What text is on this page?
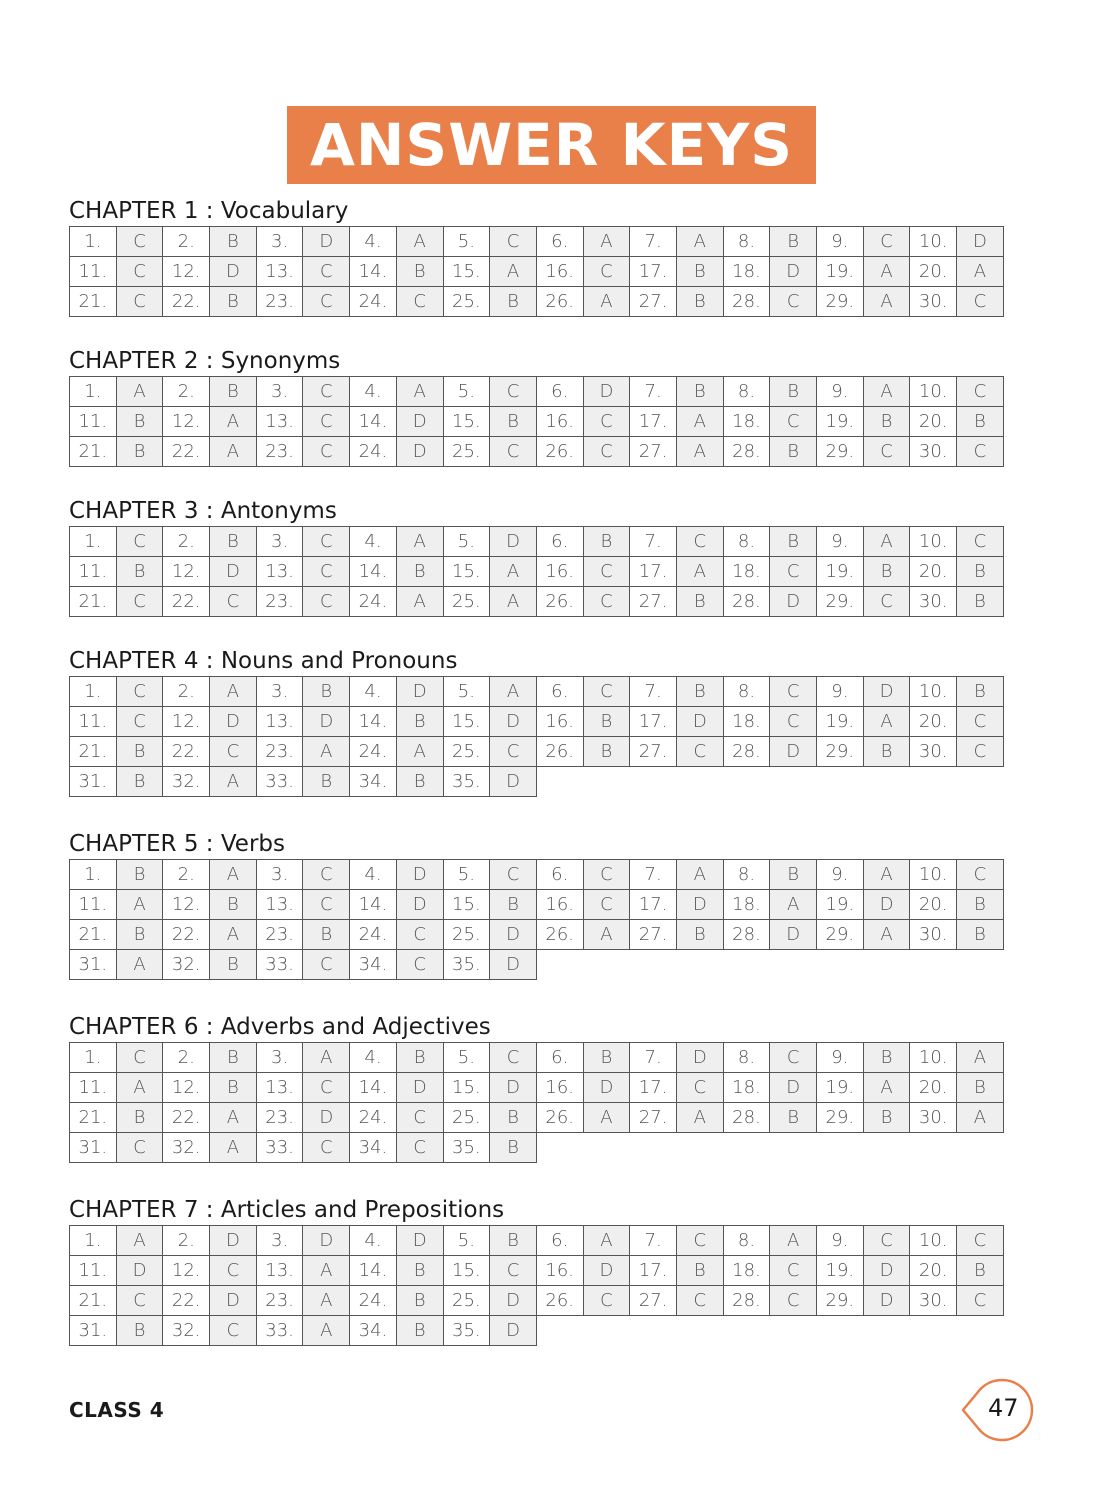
ANSWER KEYS
CHAPTER 1 :
Vocabulary
1.	C	2.	B	3.	D	4.	A	5.	C	6.	A	7.	A	8.	B	9.	C	10.	D
11.	C	12.	D	13.	C	14.	B	15.	A	16.	C	17.	B	18.	D	19.	A	20.	A
21.	C	22.	B	23.	C	24.	C	25.	B	26.	A	27.	B	28.	C	29.	A	30.	C
CHAPTER 2 :
Synonyms
1.	A	2.	B	3.	C	4.	A	5.	C	6.	D	7.	B	8.	B	9.	A	10.	C
11.	B	12.	A	13.	C	14.	D	15.	B	16.	C	17.	A	18.	C	19.	B	20.	B
21.	B	22.	A	23.	C	24.	D	25.	C	26.	C	27.	A	28.	B	29.	C	30.	C
CHAPTER 3 :
Antonyms
1.	C	2.	B	3.	C	4.	A	5.	D	6.	B	7.	C	8.	B	9.	A	10.	C
11.	B	12.	D	13.	C	14.	B	15.	A	16.	C	17.	A	18.	C	19.	B	20.	B
21.	C	22.	C	23.	C	24.	A	25.	A	26.	C	27.	B	28.	D	29.	C	30.	B
CHAPTER 4 :
Nouns and Pronouns
1.	C	2.	A	3.	B	4.	D	5.	A	6.	C	7.	B	8.	C	9.	D	10.	B
11.	C	12.	D	13.	D	14.	B	15.	D	16.	B	17.	D	18.	C	19.	A	20.	C
21.	B	22.	C	23.	A	24.	A	25.	C	26.	B	27.	C	28.	D	29.	B	30.	C
31.	B	32.	A	33.	B	34.	B	35.	D										
CHAPTER 5 :
Verbs
1.	B	2.	A	3.	C	4.	D	5.	C	6.	C	7.	A	8.	B	9.	A	10.	C
11.	A	12.	B	13.	C	14.	D	15.	B	16.	C	17.	D	18.	A	19.	D	20.	B
21.	B	22.	A	23.	B	24.	C	25.	D	26.	A	27.	B	28.	D	29.	A	30.	B
31.	A	32.	B	33.	C	34.	C	35.	D										
CHAPTER 6 :
Adverbs and Adjectives
1.	C	2.	B	3.	A	4.	B	5.	C	6.	B	7.	D	8.	C	9.	B	10.	A
11.	A	12.	B	13.	C	14.	D	15.	D	16.	D	17.	C	18.	D	19.	A	20.	B
21.	B	22.	A	23.	D	24.	C	25.	B	26.	A	27.	A	28.	B	29.	B	30.	A
31.	C	32.	A	33.	C	34.	C	35.	B										
CHAPTER 7 :
Articles and Prepositions
1.	A	2.	D	3.	D	4.	D	5.	B	6.	A	7.	C	8.	A	9.	C	10.	C
11.	D	12.	C	13.	A	14.	B	15.	C	16.	D	17.	B	18.	C	19.	D	20.	B
21.	C	22.	D	23.	A	24.	B	25.	D	26.	C	27.	C	28.	C	29.	D	30.	C
31.	B	32.	C	33.	A	34.	B	35.	D										
CLASS 4	47
